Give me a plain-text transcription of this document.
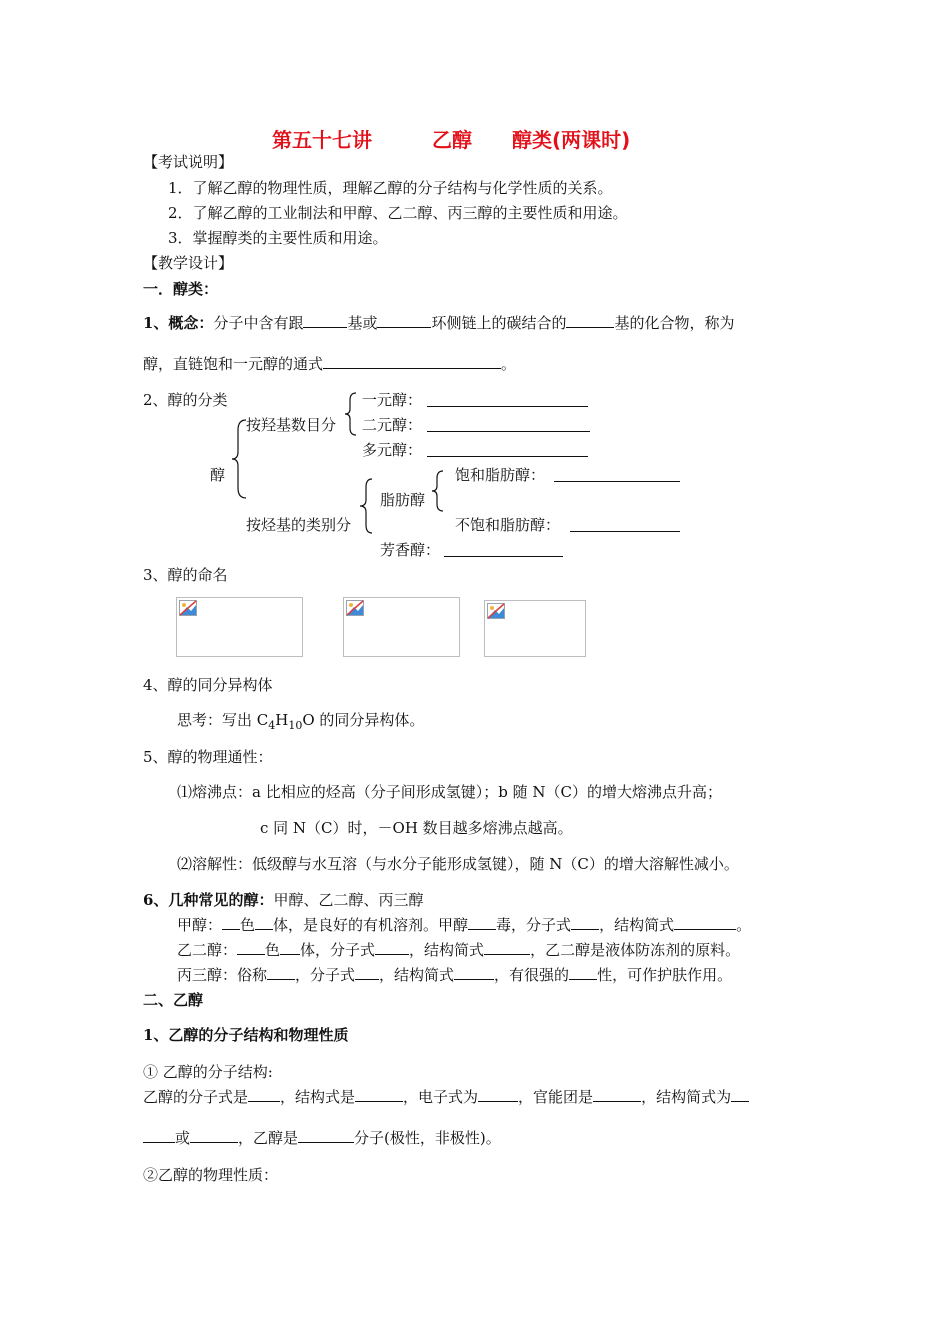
第五十七讲　　　乙醇　　醇类(两课时)
【考试说明】
1．了解乙醇的物理性质，理解乙醇的分子结构与化学性质的关系。
2．了解乙醇的工业制法和甲醇、乙二醇、丙三醇的主要性质和用途。
3．掌握醇类的主要性质和用途。
【教学设计】
一．醇类：
1、概念：分子中含有跟	基或	环侧链上的碳结合的	基的化合物，称为
醇，直链饱和一元醇的通式	。
2、醇的分类
醇
按羟基数目分
一元醇：
二元醇：
多元醇：
按烃基的类别分
脂肪醇
饱和脂肪醇：
不饱和脂肪醇：
芳香醇：
3、醇的命名
4、醇的同分异构体
思考：写出 $C_4H_{10}O$ 的同分异构体。
5、醇的物理通性：
⑴熔沸点：a 比相应的烃高（分子间形成氢键）；b 随 N（C）的增大熔沸点升高；
c 同 N（C）时，－OH 数目越多熔沸点越高。
⑵溶解性：低级醇与水互溶（与水分子能形成氢键），随 N（C）的增大溶解性减小。
6、几种常见的醇：甲醇、乙二醇、丙三醇
甲醇： 色 体，是良好的有机溶剂。甲醇 毒，分子式 ，结构简式	。
乙二醇： 色 体，分子式 ，结构简式	，乙二醇是液体防冻剂的原料。
丙三醇：俗称 ，分子式 ，结构简式	，有很强的 性，可作护肤作用。
二、乙醇
1、乙醇的分子结构和物理性质
① 乙醇的分子结构:
乙醇的分子式是 ，结构式是	，电子式为	，官能团是	，结构简式为
或	，乙醇是	分子(极性，非极性)。
②乙醇的物理性质：
